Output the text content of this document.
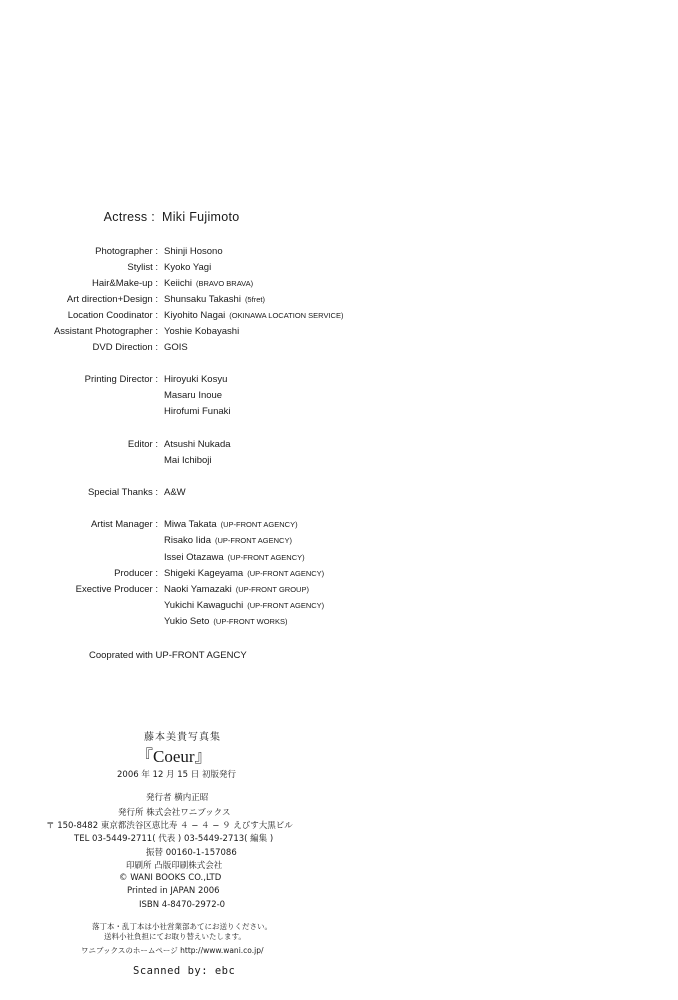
Actress : Miki Fujimoto
Photographer : Shinji Hosono
Stylist : Kyoko Yagi
Hair&Make-up : Keiichi (BRAVO BRAVA)
Art direction+Design : Shunsaku Takashi (5fret)
Location Coodinator : Kiyohito Nagai (OKINAWA LOCATION SERVICE)
Assistant Photographer : Yoshie Kobayashi
DVD Direction : GOIS
Printing Director : Hiroyuki Kosyu
Masaru Inoue
Hirofumi Funaki
Editor : Atsushi Nukada
Mai Ichiboji
Special Thanks : A&W
Artist Manager : Miwa Takata (UP-FRONT AGENCY)
Risako Iida (UP-FRONT AGENCY)
Issei Otazawa (UP-FRONT AGENCY)
Producer : Shigeki Kageyama (UP-FRONT AGENCY)
Exective Producer : Naoki Yamazaki (UP-FRONT GROUP)
Yukichi Kawaguchi (UP-FRONT AGENCY)
Yukio Seto (UP-FRONT WORKS)
Cooprated with UP-FRONT AGENCY
藤本美貴写真集
『Coeur』
2006 年 12 月 15 日 初版発行
発行者 横内正昭
発行所 株式会社ワニブックス
〒 150-8482 東京都渋谷区恵比寿 ４ − ４ − ９ えびす大黒ビル
TEL 03-5449-2711( 代表 ) 03-5449-2713( 編集 )
振替 00160-1-157086
印刷所 凸版印刷株式会社
© WANI BOOKS CO.,LTD
Printed in JAPAN 2006
ISBN 4-8470-2972-0
落丁本・乱丁本は小社営業部あてにお送りください。
送料小社負担にてお取り替えいたします。
ワニブックスのホームページ http://www.wani.co.jp/
Scanned by: ebc
